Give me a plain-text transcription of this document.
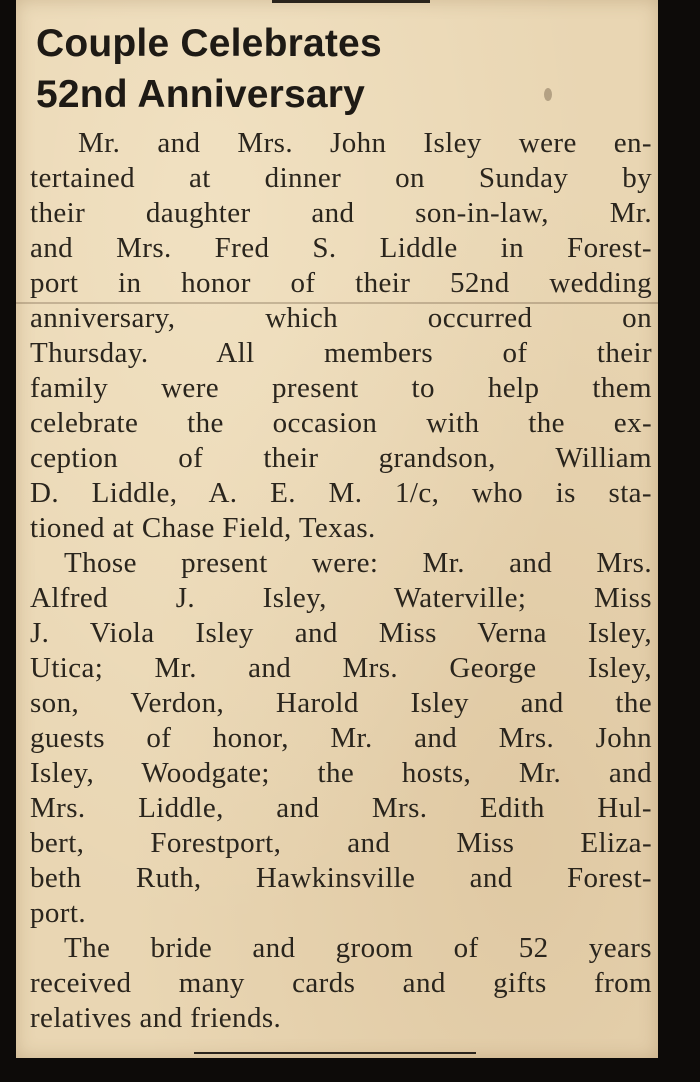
Couple Celebrates
52nd Anniversary
Mr. and Mrs. John Isley were en-
tertained at dinner on Sunday by
their daughter and son-in-law, Mr.
and Mrs. Fred S. Liddle in Forest-
port in honor of their 52nd wedding
anniversary, which occurred on
Thursday. All members of their
family were present to help them
celebrate the occasion with the ex-
ception of their grandson, William
D. Liddle, A. E. M. 1/c, who is sta-
tioned at Chase Field, Texas.
Those present were: Mr. and Mrs.
Alfred J. Isley, Waterville; Miss
J. Viola Isley and Miss Verna Isley,
Utica; Mr. and Mrs. George Isley,
son, Verdon, Harold Isley and the
guests of honor, Mr. and Mrs. John
Isley, Woodgate; the hosts, Mr. and
Mrs. Liddle, and Mrs. Edith Hul-
bert, Forestport, and Miss Eliza-
beth Ruth, Hawkinsville and Forest-
port.
The bride and groom of 52 years
received many cards and gifts from
relatives and friends.
